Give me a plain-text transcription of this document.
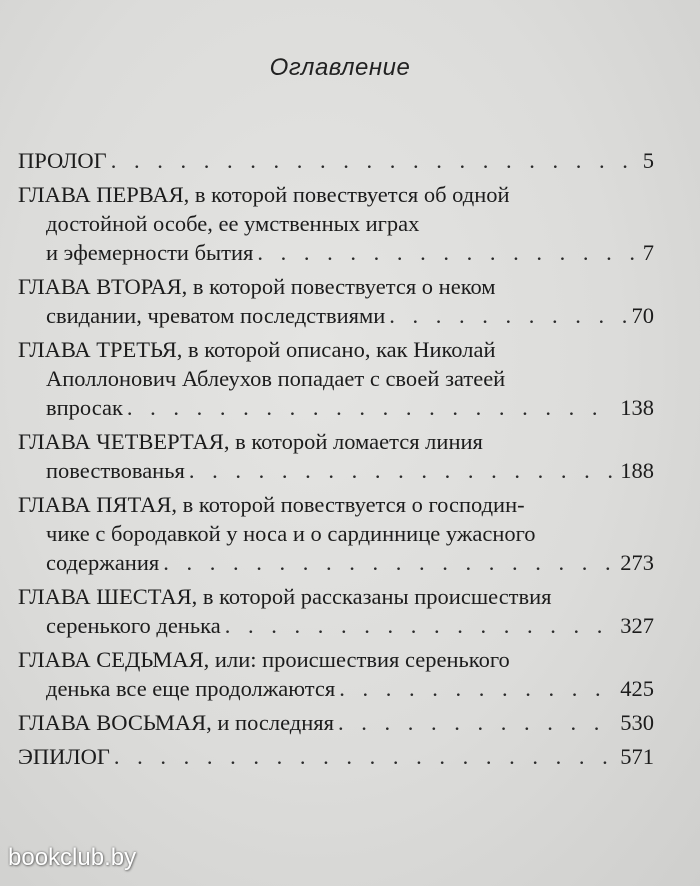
Оглавление
ПРОЛОГ . . .	5
ГЛАВА ПЕРВАЯ, в которой повествуется об одной
достойной особе, ее умственных играх
и эфемерности бытия . . .	7
ГЛАВА ВТОРАЯ, в которой повествуется о неком
свидании, чреватом последствиями . . .	70
ГЛАВА ТРЕТЬЯ, в которой описано, как Николай
Аполлонович Аблеухов попадает с своей затеей
впросак . . .	138
ГЛАВА ЧЕТВЕРТАЯ, в которой ломается линия
повествованья . . .	188
ГЛАВА ПЯТАЯ, в которой повествуется о господин-
чике с бородавкой у носа и о сардиннице ужасного
содержания . . .	273
ГЛАВА ШЕСТАЯ, в которой рассказаны происшествия
серенького денька . . .	327
ГЛАВА СЕДЬМАЯ, или: происшествия серенького
денька все еще продолжаются . . .	425
ГЛАВА ВОСЬМАЯ, и последняя . . .	530
ЭПИЛОГ . . .	571
bookclub.by
